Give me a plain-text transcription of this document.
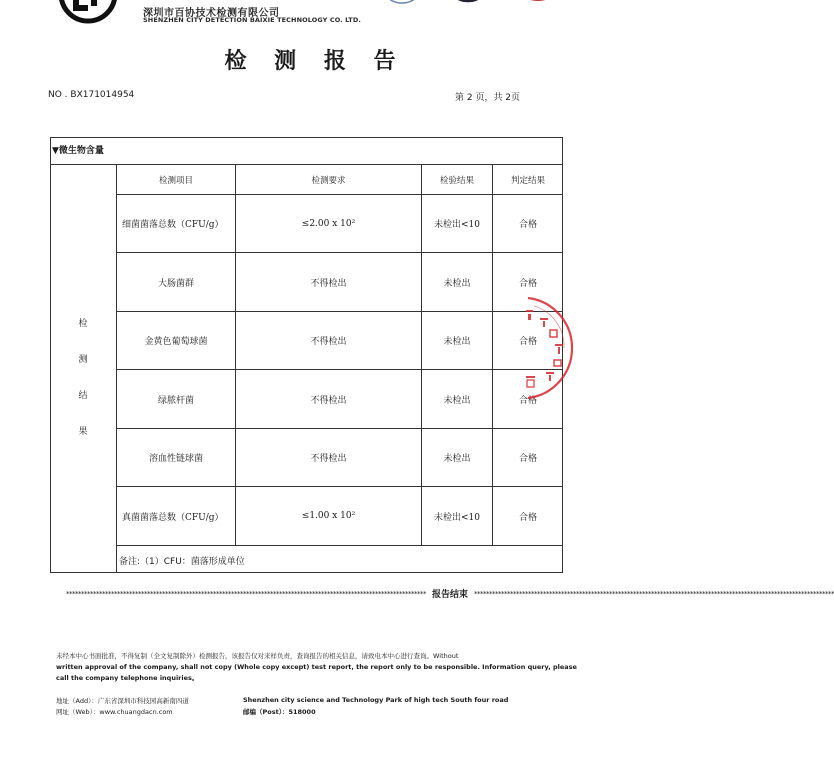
深圳市百协技术检测有限公司
SHENZHEN CITY DETECTION BAIXIE TECHNOLOGY CO. LTD.
检 测 报 告
NO . BX171014954	第 2 页，共 2页
▼微生物含量
检
测
结
果
检测项目	检测要求	检验结果	判定结果
细菌菌落总数（CFU/g）	≤2.00 x 10²	未检出<10	合格
大肠菌群	不得检出	未检出	合格
金黄色葡萄球菌	不得检出	未检出	合格
绿脓杆菌	不得检出	未检出	合格
溶血性链球菌	不得检出	未检出	合格
真菌菌落总数（CFU/g）	≤1.00 x 10²	未检出<10	合格
备注:（1）CFU：菌落形成单位
************************************************************************************************************************ 报告结束 ************************************************************************************************************************
未经本中心书面批准，不得复制（全文复制除外）检测报告，该报告仅对来样负责，查询报告的相关信息，请致电本中心进行查询。Without
written approval of the company, shall not copy (Whole copy except) test report, the report only to be responsible. Information query, please
call the company telephone inquiries。
地址（Add）：广东省深圳市科技园高新南四道	Shenzhen city science and Technology Park of high tech South four road
网址（Web）：www.chuangdacn.com	邮编（Post）：518000
